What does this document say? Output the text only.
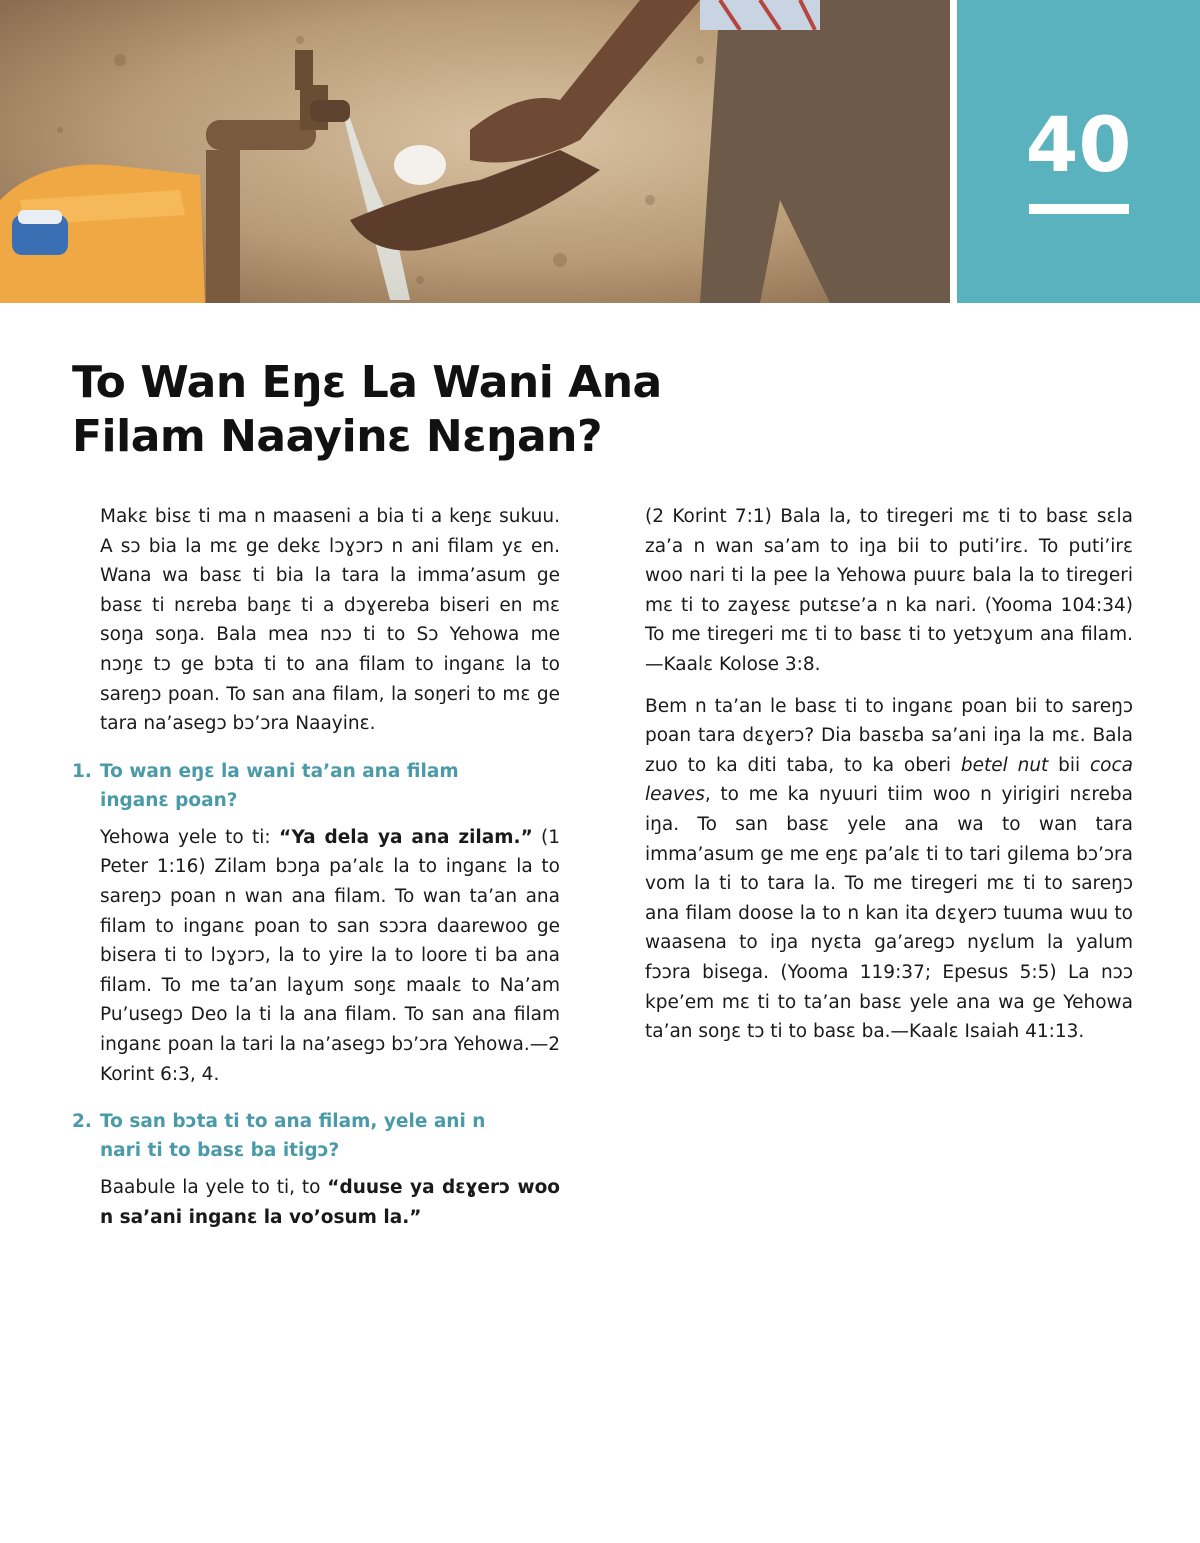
40
To Wan Eŋɛ La Wani Ana Filam Naayinɛ Nɛŋan?

Makɛ bisɛ ti ma n maaseni a bia ti a keŋɛ sukuu. A sɔ bia la mɛ ge dekɛ lɔɣɔrɔ n ani filam yɛ en. Wana wa basɛ ti bia la tara la imma’asum ge basɛ ti nɛreba baŋɛ ti a dɔɣereba biseri en mɛ soŋa soŋa. Bala mea nɔɔ ti to Sɔ Yehowa me nɔŋɛ tɔ ge bɔta ti to ana filam to inganɛ la to sareŋɔ poan. To san ana filam, la soŋeri to mɛ ge tara na’asegɔ bɔ’ɔra Naayinɛ.

1. To wan eŋɛ la wani ta’an ana filam inganɛ poan?

Yehowa yele to ti: “Ya dela ya ana zilam.” (1 Peter 1:16) Zilam bɔŋa pa’alɛ la to inganɛ la to sareŋɔ poan n wan ana filam. To wan ta’an ana filam to inganɛ poan to san sɔɔra daarewoo ge bisera ti to lɔɣɔrɔ, la to yire la to loore ti ba ana filam. To me ta’an laɣum soŋɛ maalɛ to Na’am Pu’usegɔ Deo la ti la ana filam. To san ana filam inganɛ poan la tari la na’asegɔ bɔ’ɔra Yehowa.—2 Korint 6:3, 4.

2. To san bɔta ti to ana filam, yele ani n nari ti to basɛ ba itigɔ?

Baabule la yele to ti, to “duuse ya dɛɣerɔ woo n sa’ani inganɛ la vo’osum la.”

(2 Korint 7:1) Bala la, to tiregeri mɛ ti to basɛ sɛla za’a n wan sa’am to iŋa bii to puti’irɛ. To puti’irɛ woo nari ti la pee la Yehowa puurɛ bala la to tiregeri mɛ ti to zaɣesɛ putɛse’a n ka nari. (Yooma 104:34) To me tiregeri mɛ ti to basɛ ti to yetɔɣum ana filam. —Kaalɛ Kolose 3:8.

Bem n ta’an le basɛ ti to inganɛ poan bii to sareŋɔ poan tara dɛɣerɔ? Dia basɛba sa’ani iŋa la mɛ. Bala zuo to ka diti taba, to ka oberi betel nut bii coca leaves, to me ka nyuuri tiim woo n yirigiri nɛreba iŋa. To san basɛ yele ana wa to wan tara imma’asum ge me eŋɛ pa’alɛ ti to tari gilema bɔ’ɔra vom la ti to tara la. To me tiregeri mɛ ti to sareŋɔ ana filam doose la to n kan ita dɛɣerɔ tuuma wuu to waasena to iŋa nyɛta ga’aregɔ nyɛlum la yalum fɔɔra bisega. (Yooma 119:37; Epesus 5:5) La nɔɔ kpe’em mɛ ti to ta’an basɛ yele ana wa ge Yehowa ta’an soŋɛ tɔ ti to basɛ ba.—Kaalɛ Isaiah 41:13.
